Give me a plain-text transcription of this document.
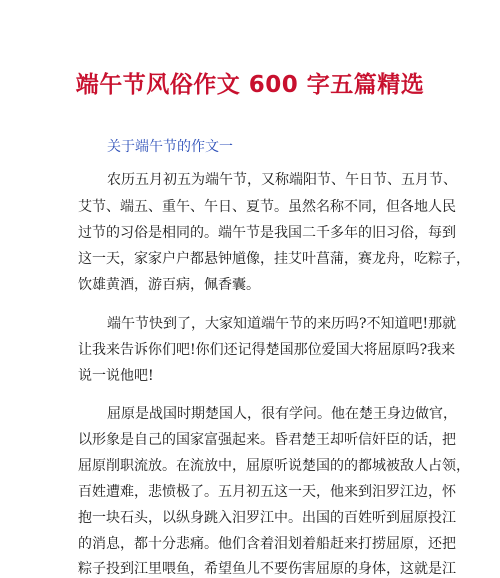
端午节风俗作文 600 字五篇精选
关于端午节的作文一
农历五月初五为端午节，又称端阳节、午日节、五月节、
艾节、端五、重午、午日、夏节。虽然名称不同，但各地人民
过节的习俗是相同的。端午节是我国二千多年的旧习俗，每到
这一天，家家户户都悬钟馗像，挂艾叶菖蒲，赛龙舟，吃粽子，
饮雄黄酒，游百病，佩香囊。
端午节快到了，大家知道端午节的来历吗?不知道吧!那就
让我来告诉你们吧!你们还记得楚国那位爱国大将屈原吗?我来
说一说他吧!
屈原是战国时期楚国人，很有学问。他在楚王身边做官，
以形象是自己的国家富强起来。昏君楚王却听信奸臣的话，把
屈原削职流放。在流放中，屈原听说楚国的的都城被敌人占领，
百姓遭难，悲愤极了。五月初五这一天，他来到汨罗江边，怀
抱一块石头，以纵身跳入汨罗江中。出国的百姓听到屈原投江
的消息，都十分悲痛。他们含着泪划着船赶来打捞屈原，还把
粽子投到江里喂鱼，希望鱼儿不要伤害屈原的身体，这就是江
